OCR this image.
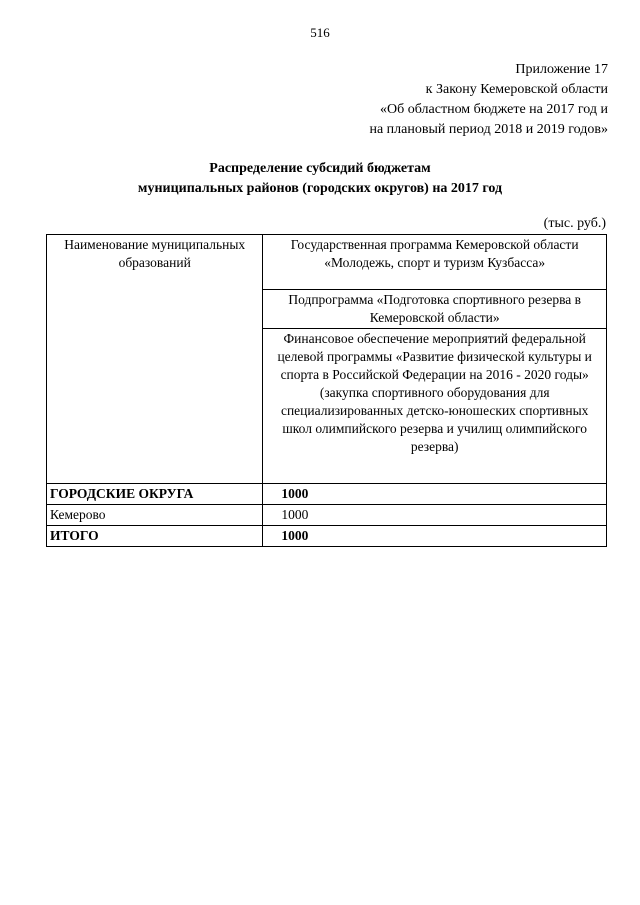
516
Приложение 17
к Закону Кемеровской области
«Об областном бюджете на 2017 год и
на плановый период 2018 и 2019 годов»
Распределение субсидий бюджетам
муниципальных районов (городских округов) на 2017 год
(тыс. руб.)
Наименование муниципальных образований	Государственная программа Кемеровской области «Молодежь, спорт и туризм Кузбасса»
	Подпрограмма «Подготовка спортивного резерва в Кемеровской области»
	Финансовое обеспечение мероприятий федеральной целевой программы «Развитие физической культуры и спорта в Российской Федерации на 2016 - 2020 годы» (закупка спортивного оборудования для специализированных детско-юношеских спортивных школ олимпийского резерва и училищ олимпийского резерва)
ГОРОДСКИЕ ОКРУГА	1000
Кемерово	1000
ИТОГО	1000
